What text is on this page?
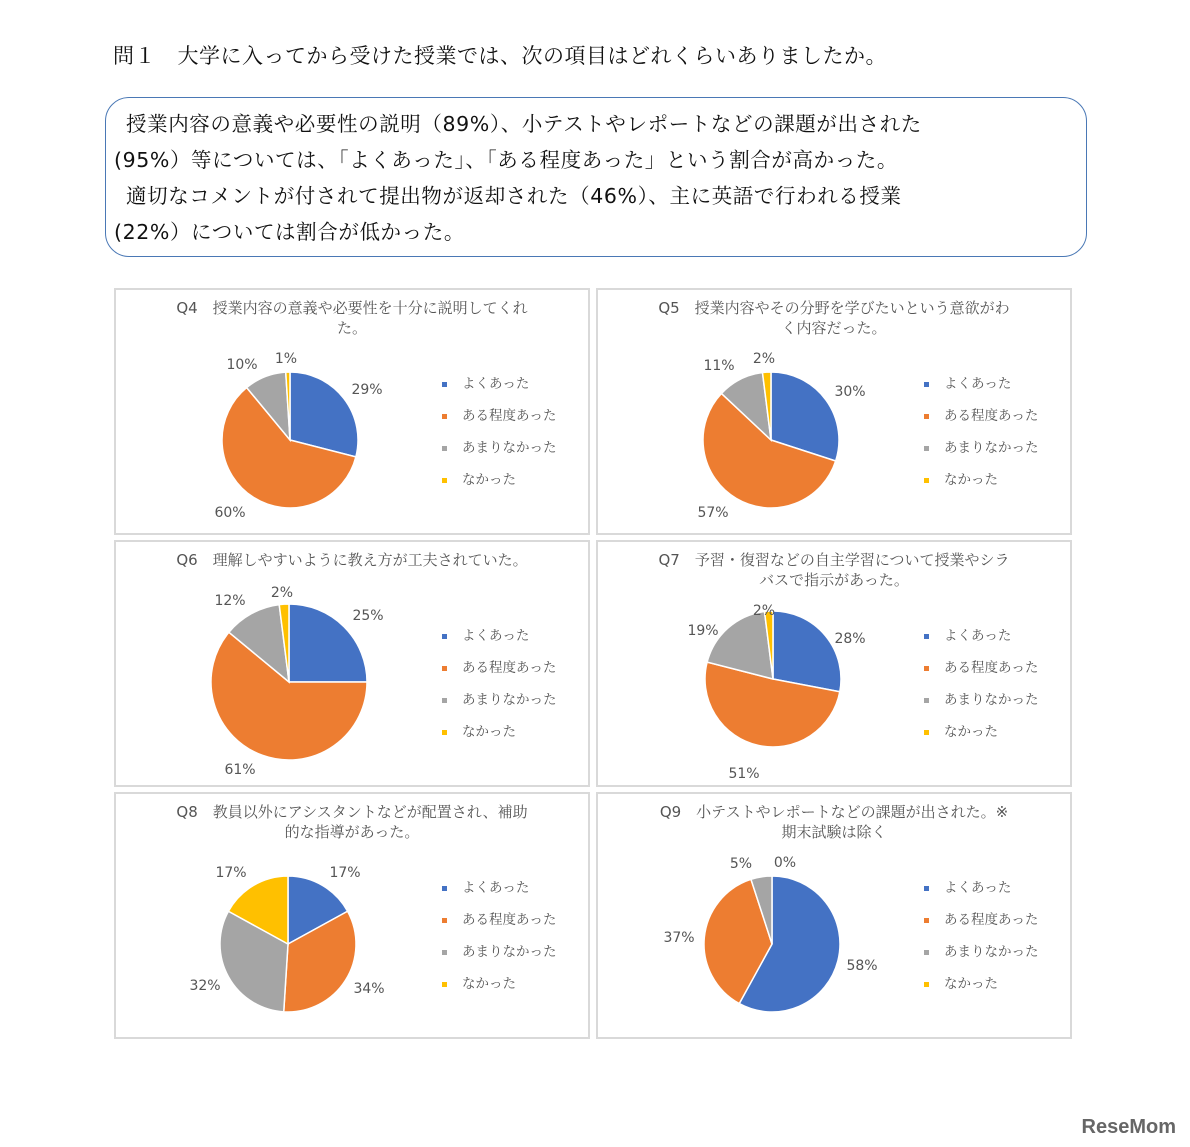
問１　大学に入ってから受けた授業では、次の項目はどれくらいありましたか。

授業内容の意義や必要性の説明（89%）、小テストやレポートなどの課題が出された

(95%）等については、「よくあった」、「ある程度あった」という割合が高かった。

適切なコメントが付されて提出物が返却された（46%）、主に英語で行われる授業

(22%）については割合が低かった。

29%
60%
10% 1%
よくあった
ある程度あった
あまりなかった
なかった
Q4　授業内容の意義や必要性を十分に説明してくれ
た。
30%
57%
11% 2%
よくあった
ある程度あった
あまりなかった
なかった
Q5　授業内容やその分野を学びたいという意欲がわ
く内容だった。
25%
61%
12% 2%
よくあった
ある程度あった
あまりなかった
なかった
Q6　理解しやすいように教え方が工夫されていた。
28%
51%
19%
2%
よくあった
ある程度あった
あまりなかった
なかった
Q7　予習・復習などの自主学習について授業やシラ
バスで指示があった。
17%
34%
32%
17%
よくあった
ある程度あった
あまりなかった
なかった
Q8　教員以外にアシスタントなどが配置され、補助
的な指導があった。
58%
37%
5% 0%
よくあった
ある程度あった
あまりなかった
なかった
Q9　小テストやレポートなどの課題が出された。※
期末試験は除く
ReseMom
